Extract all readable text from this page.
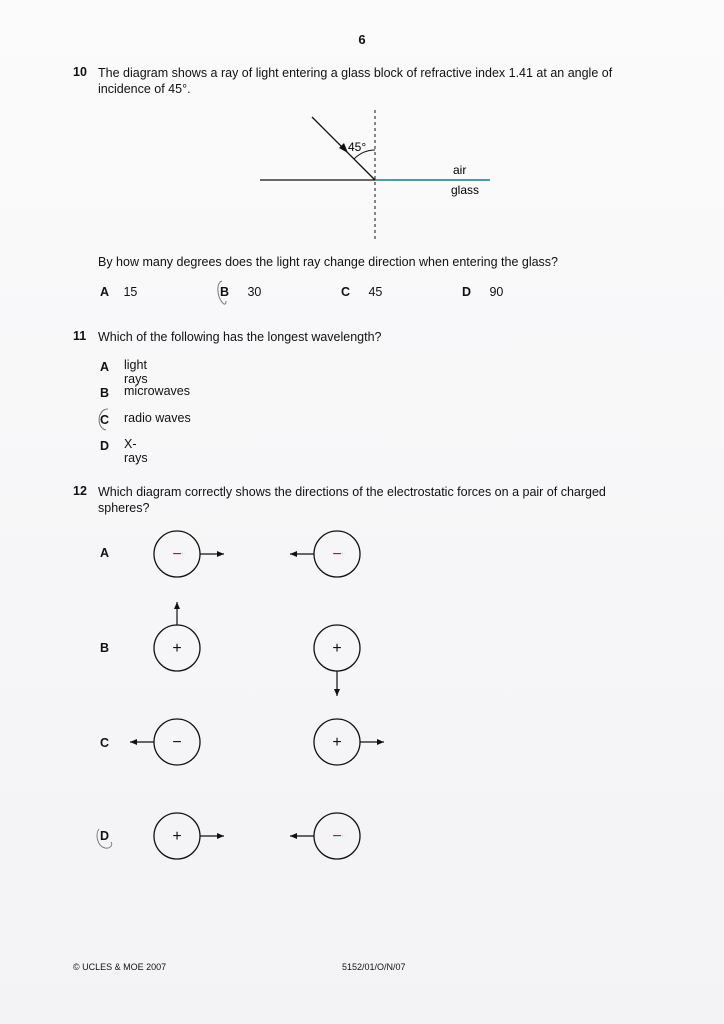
6
10 The diagram shows a ray of light entering a glass block of refractive index 1.41 at an angle of
incidence of 45°.
45°
air
glass
By how many degrees does the light ray change direction when entering the glass?
A 15	B 30	C 45	D 90
11 Which of the following has the longest wavelength?
A light rays
B microwaves
C radio waves
D X-rays
12 Which diagram correctly shows the directions of the electrostatic forces on a pair of charged
spheres?
A
B
C
D
−	−
+	+
−	+
+	−
© UCLES & MOE 2007	5152/01/O/N/07
